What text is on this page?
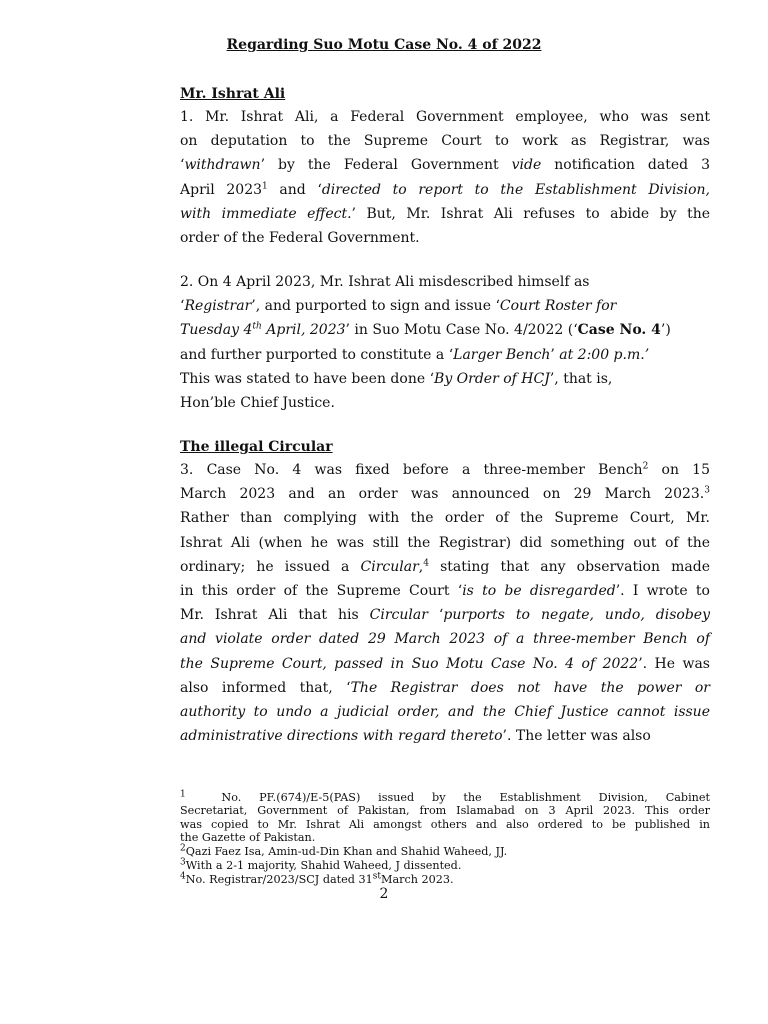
Regarding Suo Motu Case No. 4 of 2022
Mr. Ishrat Ali
1. Mr. Ishrat Ali, a Federal Government employee, who was sent
on deputation to the Supreme Court to work as Registrar, was
‘withdrawn’ by the Federal Government vide notification dated 3
April 2023$^1$ and ‘directed to report to the Establishment Division,
with immediate effect.’ But, Mr. Ishrat Ali refuses to abide by the
order of the Federal Government.
2. On 4 April 2023, Mr. Ishrat Ali misdescribed himself as
‘Registrar’, and purported to sign and issue ‘Court Roster for
Tuesday 4th April, 2023’ in Suo Motu Case No. 4/2022 (‘Case No. 4’)
and further purported to constitute a ‘Larger Bench’ at 2:00 p.m.’
This was stated to have been done ‘By Order of HCJ’, that is,
Hon’ble Chief Justice.
The illegal Circular
3. Case No. 4 was fixed before a three-member Bench$^2$ on 15
March 2023 and an order was announced on 29 March 2023.$^3$
Rather than complying with the order of the Supreme Court, Mr.
Ishrat Ali (when he was still the Registrar) did something out of the
ordinary; he issued a Circular,$^4$ stating that any observation made
in this order of the Supreme Court ‘is to be disregarded’. I wrote to
Mr. Ishrat Ali that his Circular ‘purports to negate, undo, disobey
and violate order dated 29 March 2023 of a three-member Bench of
the Supreme Court, passed in Suo Motu Case No. 4 of 2022’. He was
also informed that, ‘The Registrar does not have the power or
authority to undo a judicial order, and the Chief Justice cannot issue
administrative directions with regard thereto’. The letter was also
$^1$	No. PF.(674)/E-5(PAS) issued by the Establishment Division, Cabinet
Secretariat, Government of Pakistan, from Islamabad on 3 April 2023. This order
was copied to Mr. Ishrat Ali amongst others and also ordered to be published in
the Gazette of Pakistan.
$^2$Qazi Faez Isa, Amin-ud-Din Khan and Shahid Waheed, JJ.
$^3$With a 2-1 majority, Shahid Waheed, J dissented.
$^4$No. Registrar/2023/SCJ dated 31stMarch 2023.
2
